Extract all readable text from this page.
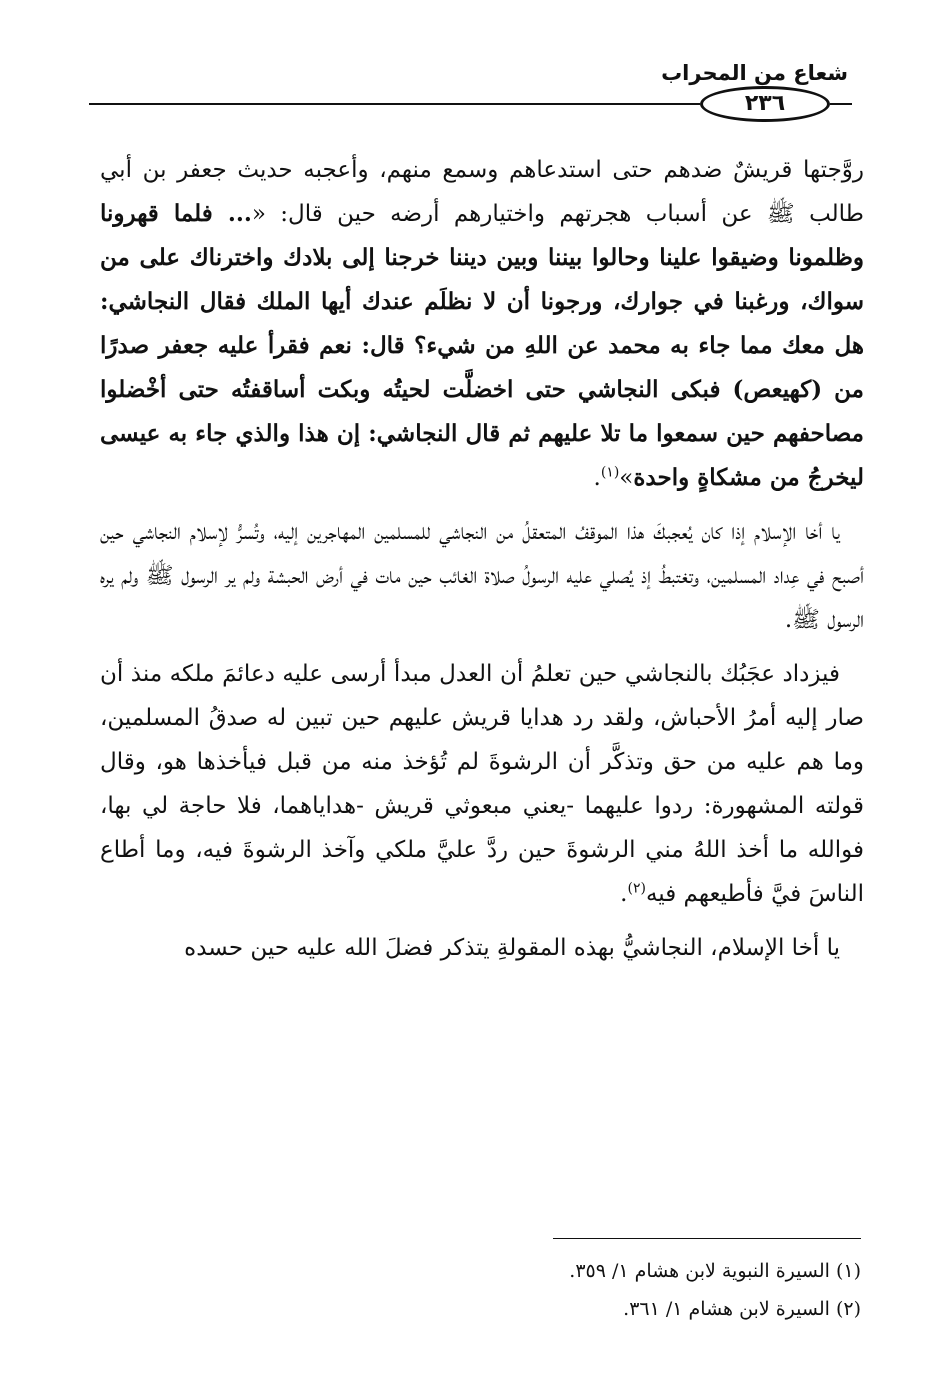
شعاع من المحراب
٢٣٦

روَّجتها قريشٌ ضدهم حتى استدعاهم وسمع منهم، وأعجبه حديث جعفر بن أبي طالب ﷺ عن أسباب هجرتهم واختيارهم أرضه حين قال: «... فلما قهرونا وظلمونا وضيقوا علينا وحالوا بيننا وبين ديننا خرجنا إلى بلادك واخترناك على من سواك، ورغبنا في جوارك، ورجونا أن لا نظلَم عندك أيها الملك فقال النجاشي: هل معك مما جاء به محمد عن اللهِ من شيء؟ قال: نعم فقرأ عليه جعفر صدرًا من (كهيعص) فبكى النجاشي حتى اخضلَّت لحيتُه وبكت أساقفتُه حتى أخْضلوا مصاحفهم حين سمعوا ما تلا عليهم ثم قال النجاشي: إن هذا والذي جاء به عيسى ليخرجُ من مشكاةٍ واحدة»$^{(١)}$.

يا أخا الإسلام إذا كان يُعجبكَ هذا الموقفُ المتعقلُ من النجاشي للمسلمين المهاجرين إليه، وتُسرُّ لإسلام النجاشي حين أصبح في عِداد المسلمين، وتغتبطُ إذ يُصلي عليه الرسولُ صلاة الغائب حين مات في أرض الحبشة ولم ير الرسول ﷺ ولم يره الرسول ﷺ.

فيزداد عجَبُك بالنجاشي حين تعلمُ أن العدل مبدأ أرسى عليه دعائمَ ملكه منذ أن صار إليه أمرُ الأحباش، ولقد رد هدايا قريش عليهم حين تبين له صدقُ المسلمين، وما هم عليه من حق وتذكَّر أن الرشوةَ لم تُؤخذ منه من قبل فيأخذها هو، وقال قولته المشهورة: ردوا عليهما -يعني مبعوثي قريش -هداياهما، فلا حاجة لي بها، فوالله ما أخذ اللهُ مني الرشوةَ حين ردَّ عليَّ ملكي وآخذ الرشوةَ فيه، وما أطاع الناسَ فيَّ فأطيعهم فيه$^{(٢)}$.

يا أخا الإسلام، النجاشيُّ بهذه المقولةِ يتذكر فضلَ الله عليه حين حسده

(١) السيرة النبوية لابن هشام ١/ ٣٥٩.

(٢) السيرة لابن هشام ١/ ٣٦١.
